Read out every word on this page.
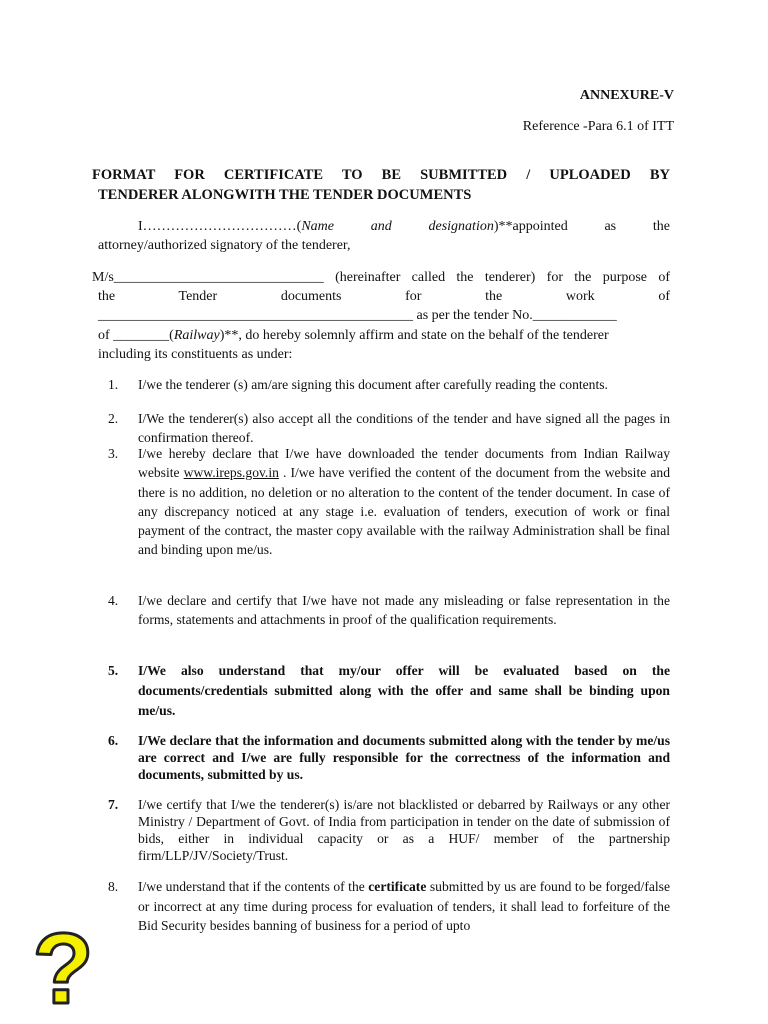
ANNEXURE-V
Reference -Para 6.1 of ITT
FORMAT FOR CERTIFICATE TO BE SUBMITTED / UPLOADED BY
TENDERER ALONGWITH THE TENDER DOCUMENTS
I……………………………(Name and designation)**appointed as the
attorney/authorized signatory of the tenderer,
M/s______________________________ (hereinafter called the tenderer) for the purpose of
the Tender documents for the work of
_____________________________________________ as per the tender No.____________
of ________(Railway)**, do hereby solemnly affirm and state on the behalf of the tenderer
including its constituents as under:
1.	I/we the tenderer (s) am/are signing this document after carefully reading the contents.
2.	I/We the tenderer(s) also accept all the conditions of the tender and have signed all the pages in confirmation thereof.
3.	I/we hereby declare that I/we have downloaded the tender documents from Indian Railway website www.ireps.gov.in . I/we have verified the content of the document from the website and there is no addition, no deletion or no alteration to the content of the tender document. In case of any discrepancy noticed at any stage i.e. evaluation of tenders, execution of work or final payment of the contract, the master copy available with the railway Administration shall be final and binding upon me/us.
4.	I/we declare and certify that I/we have not made any misleading or false representation in the forms, statements and attachments in proof of the qualification requirements.
5.	I/We also understand that my/our offer will be evaluated based on the documents/credentials submitted along with the offer and same shall be binding upon me/us.
6.	I/We declare that the information and documents submitted along with the tender by me/us are correct and I/we are fully responsible for the correctness of the information and documents, submitted by us.
7.	I/we certify that I/we the tenderer(s) is/are not blacklisted or debarred by Railways or any other Ministry / Department of Govt. of India from participation in tender on the date of submission of bids, either in individual capacity or as a HUF/ member of the partnership firm/LLP/JV/Society/Trust.
8.	I/we understand that if the contents of the certificate submitted by us are found to be forged/false or incorrect at any time during process for evaluation of tenders, it shall lead to forfeiture of the Bid Security besides banning of business for a period of upto
?
